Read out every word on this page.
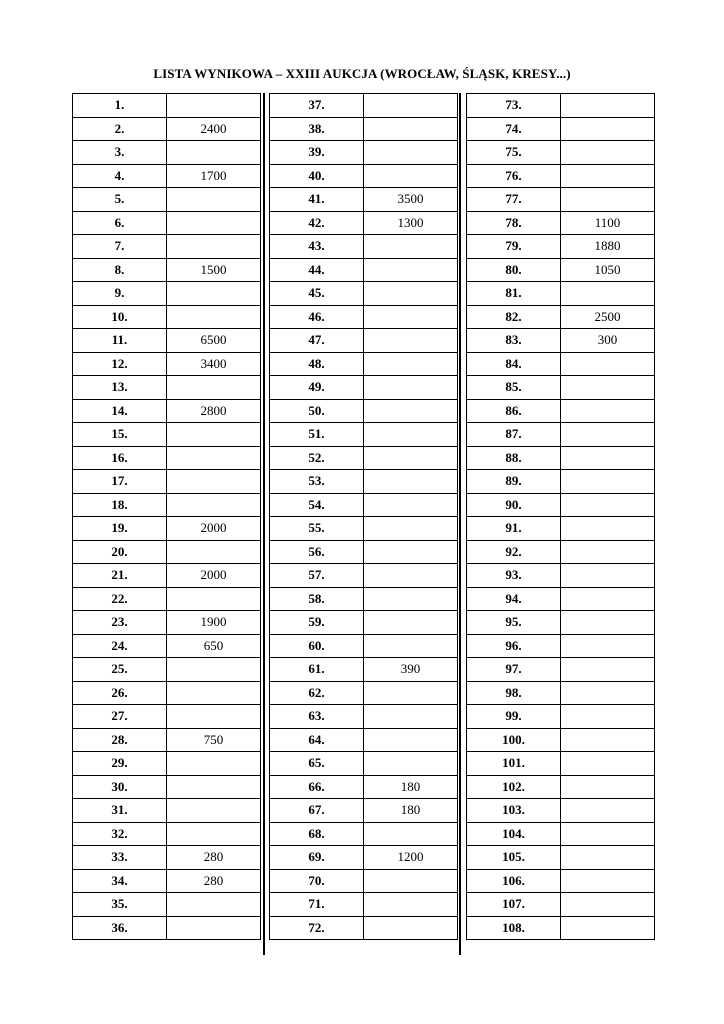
LISTA WYNIKOWA – XXIII AUKCJA (WROCŁAW, ŚLĄSK, KRESY...)
1.	
2.	2400
3.	
4.	1700
5.	
6.	
7.	
8.	1500
9.	
10.	
11.	6500
12.	3400
13.	
14.	2800
15.	
16.	
17.	
18.	
19.	2000
20.	
21.	2000
22.	
23.	1900
24.	650
25.	
26.	
27.	
28.	750
29.	
30.	
31.	
32.	
33.	280
34.	280
35.	
36.	
37.	
38.	
39.	
40.	
41.	3500
42.	1300
43.	
44.	
45.	
46.	
47.	
48.	
49.	
50.	
51.	
52.	
53.	
54.	
55.	
56.	
57.	
58.	
59.	
60.	
61.	390
62.	
63.	
64.	
65.	
66.	180
67.	180
68.	
69.	1200
70.	
71.	
72.	
73.	
74.	
75.	
76.	
77.	
78.	1100
79.	1880
80.	1050
81.	
82.	2500
83.	300
84.	
85.	
86.	
87.	
88.	
89.	
90.	
91.	
92.	
93.	
94.	
95.	
96.	
97.	
98.	
99.	
100.	
101.	
102.	
103.	
104.	
105.	
106.	
107.	
108.	
